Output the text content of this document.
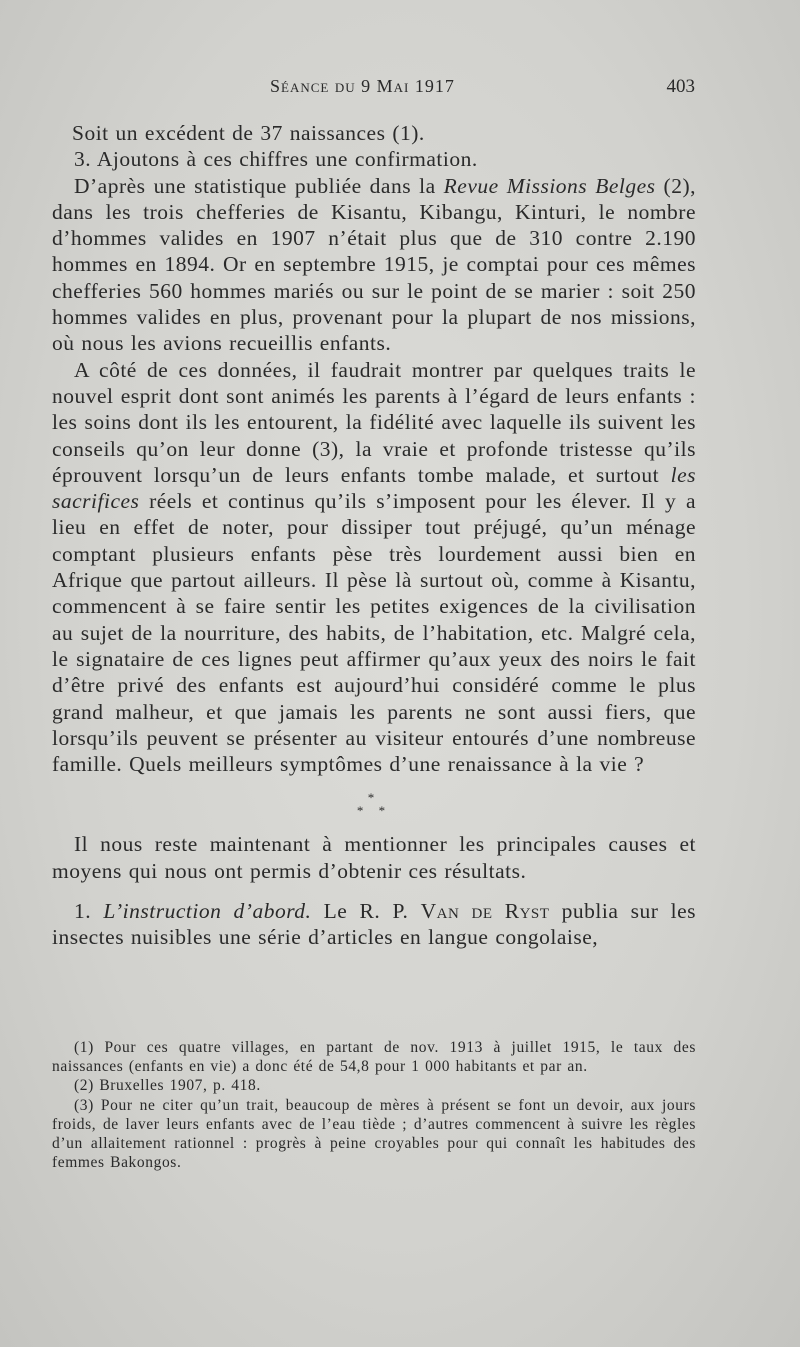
Séance du 9 Mai 1917	403

Soit un excédent de 37 naissances (1).

3. Ajoutons à ces chiffres une confirmation.

D’après une statistique publiée dans la Revue Missions Belges (2), dans les trois chefferies de Kisantu, Kibangu, Kinturi, le nombre d’hommes valides en 1907 n’était plus que de 310 contre 2.190 hommes en 1894. Or en septembre 1915, je comptai pour ces mêmes chefferies 560 hommes mariés ou sur le point de se marier : soit 250 hommes valides en plus, provenant pour la plupart de nos missions, où nous les avions recueillis enfants.

A côté de ces données, il faudrait montrer par quelques traits le nouvel esprit dont sont animés les parents à l’égard de leurs enfants : les soins dont ils les entourent, la fidélité avec laquelle ils suivent les conseils qu’on leur donne (3), la vraie et profonde tristesse qu’ils éprouvent lorsqu’un de leurs enfants tombe malade, et surtout les sacrifices réels et continus qu’ils s’imposent pour les élever. Il y a lieu en effet de noter, pour dissiper tout préjugé, qu’un ménage comptant plusieurs enfants pèse très lourdement aussi bien en Afrique que partout ailleurs. Il pèse là surtout où, comme à Kisantu, commencent à se faire sentir les petites exigences de la civilisation au sujet de la nourriture, des habits, de l’habitation, etc. Malgré cela, le signataire de ces lignes peut affirmer qu’aux yeux des noirs le fait d’être privé des enfants est aujourd’hui considéré comme le plus grand malheur, et que jamais les parents ne sont aussi fiers, que lorsqu’ils peuvent se présenter au visiteur entourés d’une nombreuse famille. Quels meilleurs symptômes d’une renaissance à la vie ?

*
* *

Il nous reste maintenant à mentionner les principales causes et moyens qui nous ont permis d’obtenir ces résultats.

1. L’instruction d’abord. Le R. P. Van de Ryst publia sur les insectes nuisibles une série d’articles en langue congolaise,

(1) Pour ces quatre villages, en partant de nov. 1913 à juillet 1915, le taux des naissances (enfants en vie) a donc été de 54,8 pour 1 000 habitants et par an.

(2) Bruxelles 1907, p. 418.

(3) Pour ne citer qu’un trait, beaucoup de mères à présent se font un devoir, aux jours froids, de laver leurs enfants avec de l’eau tiède ; d’autres commencent à suivre les règles d’un allaitement rationnel : progrès à peine croyables pour qui connaît les habitudes des femmes Bakongos.
